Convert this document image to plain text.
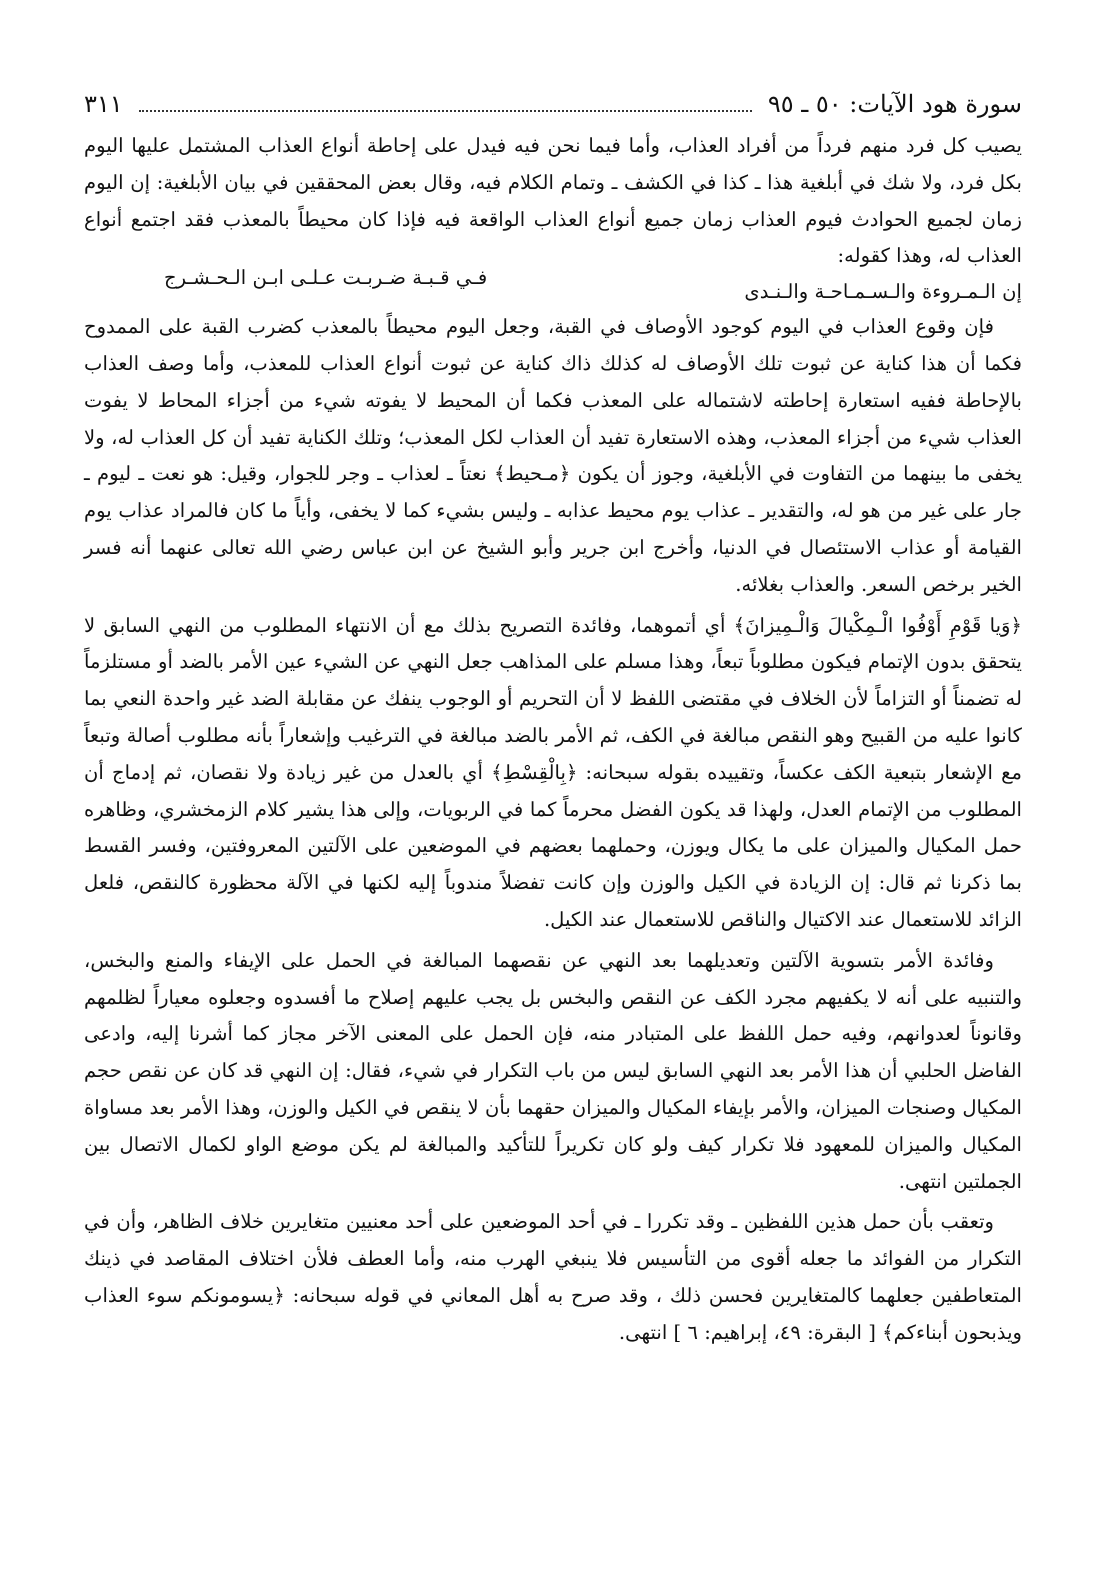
سورة هود الآيات: ٥٠ ـ ٩٥
٣١١

يصيب كل فرد منهم فرداً من أفراد العذاب، وأما فيما نحن فيه فيدل على إحاطة أنواع العذاب المشتمل عليها اليوم بكل فرد، ولا شك في أبلغية هذا ـ كذا في الكشف ـ وتمام الكلام فيه، وقال بعض المحققين في بيان الأبلغية: إن اليوم زمان لجميع الحوادث فيوم العذاب زمان جميع أنواع العذاب الواقعة فيه فإذا كان محيطاً بالمعذب فقد اجتمع أنواع العذاب له، وهذا كقوله:

إن الـمـروءة والـسـمـاحـة والـنـدى
فـي قـبـة ضـربـت عـلـى ابـن الـحـشـرج

فإن وقوع العذاب في اليوم كوجود الأوصاف في القبة، وجعل اليوم محيطاً بالمعذب كضرب القبة على الممدوح فكما أن هذا كناية عن ثبوت تلك الأوصاف له كذلك ذاك كناية عن ثبوت أنواع العذاب للمعذب، وأما وصف العذاب بالإحاطة ففيه استعارة إحاطته لاشتماله على المعذب فكما أن المحيط لا يفوته شيء من أجزاء المحاط لا يفوت العذاب شيء من أجزاء المعذب، وهذه الاستعارة تفيد أن العذاب لكل المعذب؛ وتلك الكناية تفيد أن كل العذاب له، ولا يخفى ما بينهما من التفاوت في الأبلغية، وجوز أن يكون ﴿مـحيط﴾ نعتاً ـ لعذاب ـ وجر للجوار، وقيل: هو نعت ـ ليوم ـ جار على غير من هو له، والتقدير ـ عذاب يوم محيط عذابه ـ وليس بشيء كما لا يخفى، وأياً ما كان فالمراد عذاب يوم القيامة أو عذاب الاستئصال في الدنيا، وأخرج ابن جرير وأبو الشيخ عن ابن عباس رضي الله تعالى عنهما أنه فسر الخير برخص السعر. والعذاب بغلائه.

﴿وَيا قَوْمِ أَوْفُوا الْـمِكْيالَ وَالْـمِيزانَ﴾ أي أتموهما، وفائدة التصريح بذلك مع أن الانتهاء المطلوب من النهي السابق لا يتحقق بدون الإتمام فيكون مطلوباً تبعاً، وهذا مسلم على المذاهب جعل النهي عن الشيء عين الأمر بالضد أو مستلزماً له تضمناً أو التزاماً لأن الخلاف في مقتضى اللفظ لا أن التحريم أو الوجوب ينفك عن مقابلة الضد غير واحدة النعي بما كانوا عليه من القبيح وهو النقص مبالغة في الكف، ثم الأمر بالضد مبالغة في الترغيب وإشعاراً بأنه مطلوب أصالة وتبعاً مع الإشعار بتبعية الكف عكساً، وتقييده بقوله سبحانه: ﴿بِالْقِسْطِ﴾ أي بالعدل من غير زيادة ولا نقصان، ثم إدماج أن المطلوب من الإتمام العدل، ولهذا قد يكون الفضل محرماً كما في الربويات، وإلى هذا يشير كلام الزمخشري، وظاهره حمل المكيال والميزان على ما يكال ويوزن، وحملهما بعضهم في الموضعين على الآلتين المعروفتين، وفسر القسط بما ذكرنا ثم قال: إن الزيادة في الكيل والوزن وإن كانت تفضلاً مندوباً إليه لكنها في الآلة محظورة كالنقص، فلعل الزائد للاستعمال عند الاكتيال والناقص للاستعمال عند الكيل.

وفائدة الأمر بتسوية الآلتين وتعديلهما بعد النهي عن نقصهما المبالغة في الحمل على الإيفاء والمنع والبخس، والتنبيه على أنه لا يكفيهم مجرد الكف عن النقص والبخس بل يجب عليهم إصلاح ما أفسدوه وجعلوه معياراً لظلمهم وقانوناً لعدوانهم، وفيه حمل اللفظ على المتبادر منه، فإن الحمل على المعنى الآخر مجاز كما أشرنا إليه، وادعى الفاضل الحلبي أن هذا الأمر بعد النهي السابق ليس من باب التكرار في شيء، فقال: إن النهي قد كان عن نقص حجم المكيال وصنجات الميزان، والأمر بإيفاء المكيال والميزان حقهما بأن لا ينقص في الكيل والوزن، وهذا الأمر بعد مساواة المكيال والميزان للمعهود فلا تكرار كيف ولو كان تكريراً للتأكيد والمبالغة لم يكن موضع الواو لكمال الاتصال بين الجملتين انتهى.

وتعقب بأن حمل هذين اللفظين ـ وقد تكررا ـ في أحد الموضعين على أحد معنيين متغايرين خلاف الظاهر، وأن في التكرار من الفوائد ما جعله أقوى من التأسيس فلا ينبغي الهرب منه، وأما العطف فلأن اختلاف المقاصد في ذينك المتعاطفين جعلهما كالمتغايرين فحسن ذلك ، وقد صرح به أهل المعاني في قوله سبحانه: ﴿يسومونكم سوء العذاب ويذبحون أبناءكم﴾ [ البقرة: ٤٩، إبراهيم: ٦ ] انتهى.
